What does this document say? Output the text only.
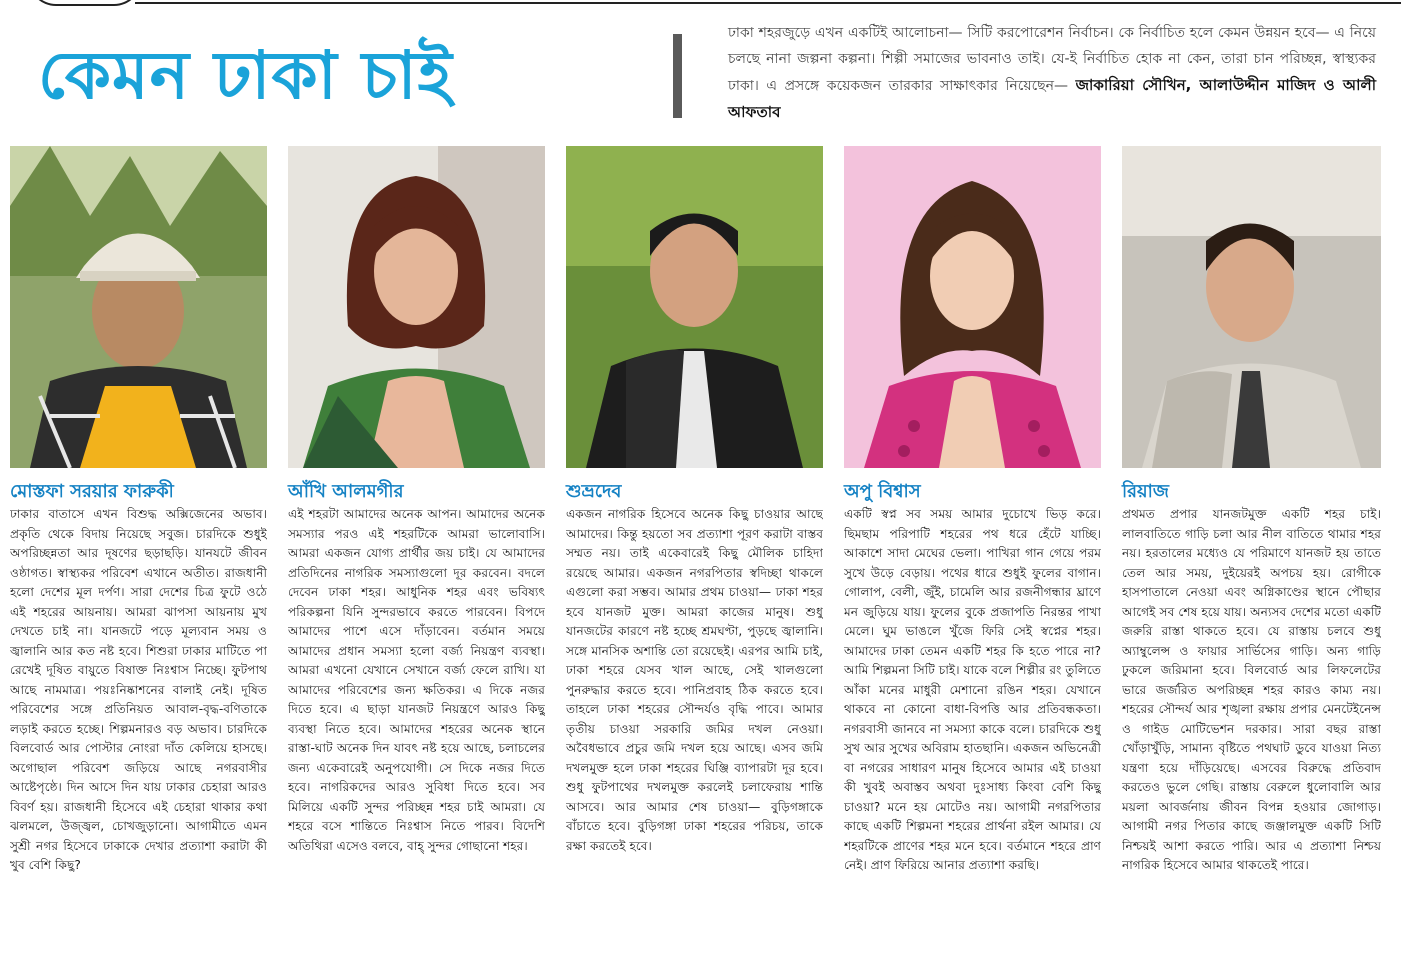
কেমন ঢাকা চাই
ঢাকা শহরজুড়ে এখন একটিই আলোচনা— সিটি করপোরেশন নির্বাচন। কে নির্বাচিত হলে কেমন উন্নয়ন হবে— এ নিয়ে চলছে নানা জল্পনা কল্পনা। শিল্পী সমাজের ভাবনাও তাই। যে-ই নির্বাচিত হোক না কেন, তারা চান পরিচ্ছন্ন, স্বাস্থ্যকর ঢাকা। এ প্রসঙ্গে কয়েকজন তারকার সাক্ষাৎকার নিয়েছেন— জাকারিয়া সৌখিন, আলাউদ্দীন মাজিদ ও আলী আফতাব
মোস্তফা সরয়ার ফারুকী

ঢাকার বাতাসে এখন বিশুদ্ধ অক্সিজেনের অভাব। প্রকৃতি থেকে বিদায় নিয়েছে সবুজ। চারদিকে শুধুই অপরিচ্ছন্নতা আর দূষণের ছড়াছড়ি। যানযটে জীবন ওষ্ঠাগত। স্বাস্থ্যকর পরিবেশ এখানে অতীত। রাজধানী হলো দেশের মূল দর্পণ। সারা দেশের চিত্র ফুটে ওঠে এই শহরের আয়নায়। আমরা ঝাপসা আয়নায় মুখ দেখতে চাই না। যানজটে পড়ে মূল্যবান সময় ও জ্বালানি আর কত নষ্ট হবে। শিশুরা ঢাকার মাটিতে পা রেখেই দূষিত বায়ুতে বিষাক্ত নিঃশ্বাস নিচ্ছে। ফুটপাথ আছে নামমাত্র। পয়ঃনিষ্কাশনের বালাই নেই। দূষিত পরিবেশের সঙ্গে প্রতিনিয়ত আবাল-বৃদ্ধ-বণিতাকে লড়াই করতে হচ্ছে। শিল্পমনারও বড় অভাব। চারদিকে বিলবোর্ড আর পোস্টার নোংরা দাঁত কেলিয়ে হাসছে। অগোছাল পরিবেশ জড়িয়ে আছে নগরবাসীর আষ্টেপৃষ্ঠে। দিন আসে দিন যায় ঢাকার চেহারা আরও বিবর্ণ হয়। রাজধানী হিসেবে এই চেহারা থাকার কথা ঝলমলে, উজ্জ্বল, চোখজুড়ানো। আগামীতে এমন সুশ্রী নগর হিসেবে ঢাকাকে দেখার প্রত্যাশা করাটা কী খুব বেশি কিছু?

আঁখি আলমগীর

এই শহরটা আমাদের অনেক আপন। আমাদের অনেক সমস্যার পরও এই শহরটিকে আমরা ভালোবাসি। আমরা একজন যোগ্য প্রার্থীর জয় চাই। যে আমাদের প্রতিদিনের নাগরিক সমস্যাগুলো দূর করবেন। বদলে দেবেন ঢাকা শহর। আধুনিক শহর এবং ভবিষ্যৎ পরিকল্পনা যিনি সুন্দরভাবে করতে পারবেন। বিপদে আমাদের পাশে এসে দাঁড়াবেন। বর্তমান সময়ে আমাদের প্রধান সমস্যা হলো বর্জ্য নিয়ন্ত্রণ ব্যবস্থা। আমরা এখনো যেখানে সেখানে বর্জ্য ফেলে রাখি। যা আমাদের পরিবেশের জন্য ক্ষতিকর। এ দিকে নজর দিতে হবে। এ ছাড়া যানজট নিয়ন্ত্রণে আরও কিছু ব্যবস্থা নিতে হবে। আমাদের শহরের অনেক স্থানে রাস্তা-ঘাট অনেক দিন যাবৎ নষ্ট হয়ে আছে, চলাচলের জন্য একেবারেই অনুপযোগী। সে দিকে নজর দিতে হবে। নাগরিকদের আরও সুবিধা দিতে হবে। সব মিলিয়ে একটি সুন্দর পরিচ্ছন্ন শহর চাই আমরা। যে শহরে বসে শান্তিতে নিঃশ্বাস নিতে পারব। বিদেশি অতিথিরা এসেও বলবে, বাহ্‌ সুন্দর গোছানো শহর।

শুভ্রদেব

একজন নাগরিক হিসেবে অনেক কিছু চাওয়ার আছে আমাদের। কিন্তু হয়তো সব প্রত্যাশা পূরণ করাটা বাস্তব সম্মত নয়। তাই একেবারেই কিছু মৌলিক চাহিদা রয়েছে আমার। একজন নগরপিতার স্বদিচ্ছা থাকলে এগুলো করা সম্ভব। আমার প্রথম চাওয়া— ঢাকা শহর হবে যানজট মুক্ত। আমরা কাজের মানুষ। শুধু যানজটের কারণে নষ্ট হচ্ছে শ্রমঘণ্টা, পুড়ছে জ্বালানি। সঙ্গে মানসিক অশান্তি তো রয়েছেই। এরপর আমি চাই, ঢাকা শহরে যেসব খাল আছে, সেই খালগুলো পুনরুদ্ধার করতে হবে। পানিপ্রবাহ ঠিক করতে হবে। তাহলে ঢাকা শহরের সৌন্দর্যও বৃদ্ধি পাবে। আমার তৃতীয় চাওয়া সরকারি জমির দখল নেওয়া। অবৈধভাবে প্রচুর জমি দখল হয়ে আছে। এসব জমি দখলমুক্ত হলে ঢাকা শহরের ঘিঞ্জি ব্যাপারটা দূর হবে। শুধু ফুটপাথের দখলমুক্ত করলেই চলাফেরায় শান্তি আসবে। আর আমার শেষ চাওয়া— বুড়িগঙ্গাকে বাঁচাতে হবে। বুড়িগঙ্গা ঢাকা শহরের পরিচয়, তাকে রক্ষা করতেই হবে।

অপু বিশ্বাস

একটি স্বপ্ন সব সময় আমার দুচোখে ভিড় করে। ছিমছাম পরিপাটি শহরের পথ ধরে হেঁটে যাচ্ছি। আকাশে সাদা মেঘের ভেলা। পাখিরা গান গেয়ে পরম সুখে উড়ে বেড়ায়। পথের ধারে শুধুই ফুলের বাগান। গোলাপ, বেলী, জুঁই, চামেলি আর রজনীগন্ধার ঘ্রাণে মন জুড়িয়ে যায়। ফুলের বুকে প্রজাপতি নিরন্তর পাখা মেলে। ঘুম ভাঙলে খুঁজে ফিরি সেই স্বপ্নের শহর। আমাদের ঢাকা তেমন একটি শহর কি হতে পারে না? আমি শিল্পমনা সিটি চাই। যাকে বলে শিল্পীর রং তুলিতে আঁকা মনের মাধুরী মেশানো রঙিন শহর। যেখানে থাকবে না কোনো বাধা-বিপত্তি আর প্রতিবন্ধকতা। নগরবাসী জানবে না সমস্যা কাকে বলে। চারদিকে শুধু সুখ আর সুখের অবিরাম হাতছানি। একজন অভিনেত্রী বা নগরের সাধারণ মানুষ হিসেবে আমার এই চাওয়া কী খুবই অবাস্তব অথবা দুঃসাধ্য কিংবা বেশি কিছু চাওয়া? মনে হয় মোটেও নয়। আগামী নগরপিতার কাছে একটি শিল্পমনা শহরের প্রার্থনা রইল আমার। যে শহরটিকে প্রাণের শহর মনে হবে। বর্তমানে শহরে প্রাণ নেই। প্রাণ ফিরিয়ে আনার প্রত্যাশা করছি।

রিয়াজ

প্রথমত প্রপার যানজটমুক্ত একটি শহর চাই। লালবাতিতে গাড়ি চলা আর নীল বাতিতে থামার শহর নয়। হরতালের মধ্যেও যে পরিমাণে যানজট হয় তাতে তেল আর সময়, দুইয়েরই অপচয় হয়। রোগীকে হাসপাতালে নেওয়া এবং অগ্নিকাণ্ডের স্থানে পৌছার আগেই সব শেষ হয়ে যায়। অন্যসব দেশের মতো একটি জরুরি রাস্তা থাকতে হবে। যে রাস্তায় চলবে শুধু অ্যাম্বুলেন্স ও ফায়ার সার্ভিসের গাড়ি। অন্য গাড়ি ঢুকলে জরিমানা হবে। বিলবোর্ড আর লিফলেটের ভারে জর্জরিত অপরিচ্ছন্ন শহর কারও কাম্য নয়। শহরের সৌন্দর্য আর শৃঙ্খলা রক্ষায় প্রপার মেনটেইনেন্স ও গাইড মোটিভেশন দরকার। সারা বছর রাস্তা খোঁড়াখুঁড়ি, সামান্য বৃষ্টিতে পথঘাট ডুবে যাওয়া নিত্য যন্ত্রণা হয়ে দাঁড়িয়েছে। এসবের বিরুদ্ধে প্রতিবাদ করতেও ভুলে গেছি। রাস্তায় বেরুলে ধুলোবালি আর ময়লা আবর্জনায় জীবন বিপন্ন হওয়ার জোগাড়। আগামী নগর পিতার কাছে জঞ্জালমুক্ত একটি সিটি নিশ্চয়ই আশা করতে পারি। আর এ প্রত্যাশা নিশ্চয় নাগরিক হিসেবে আমার থাকতেই পারে।
